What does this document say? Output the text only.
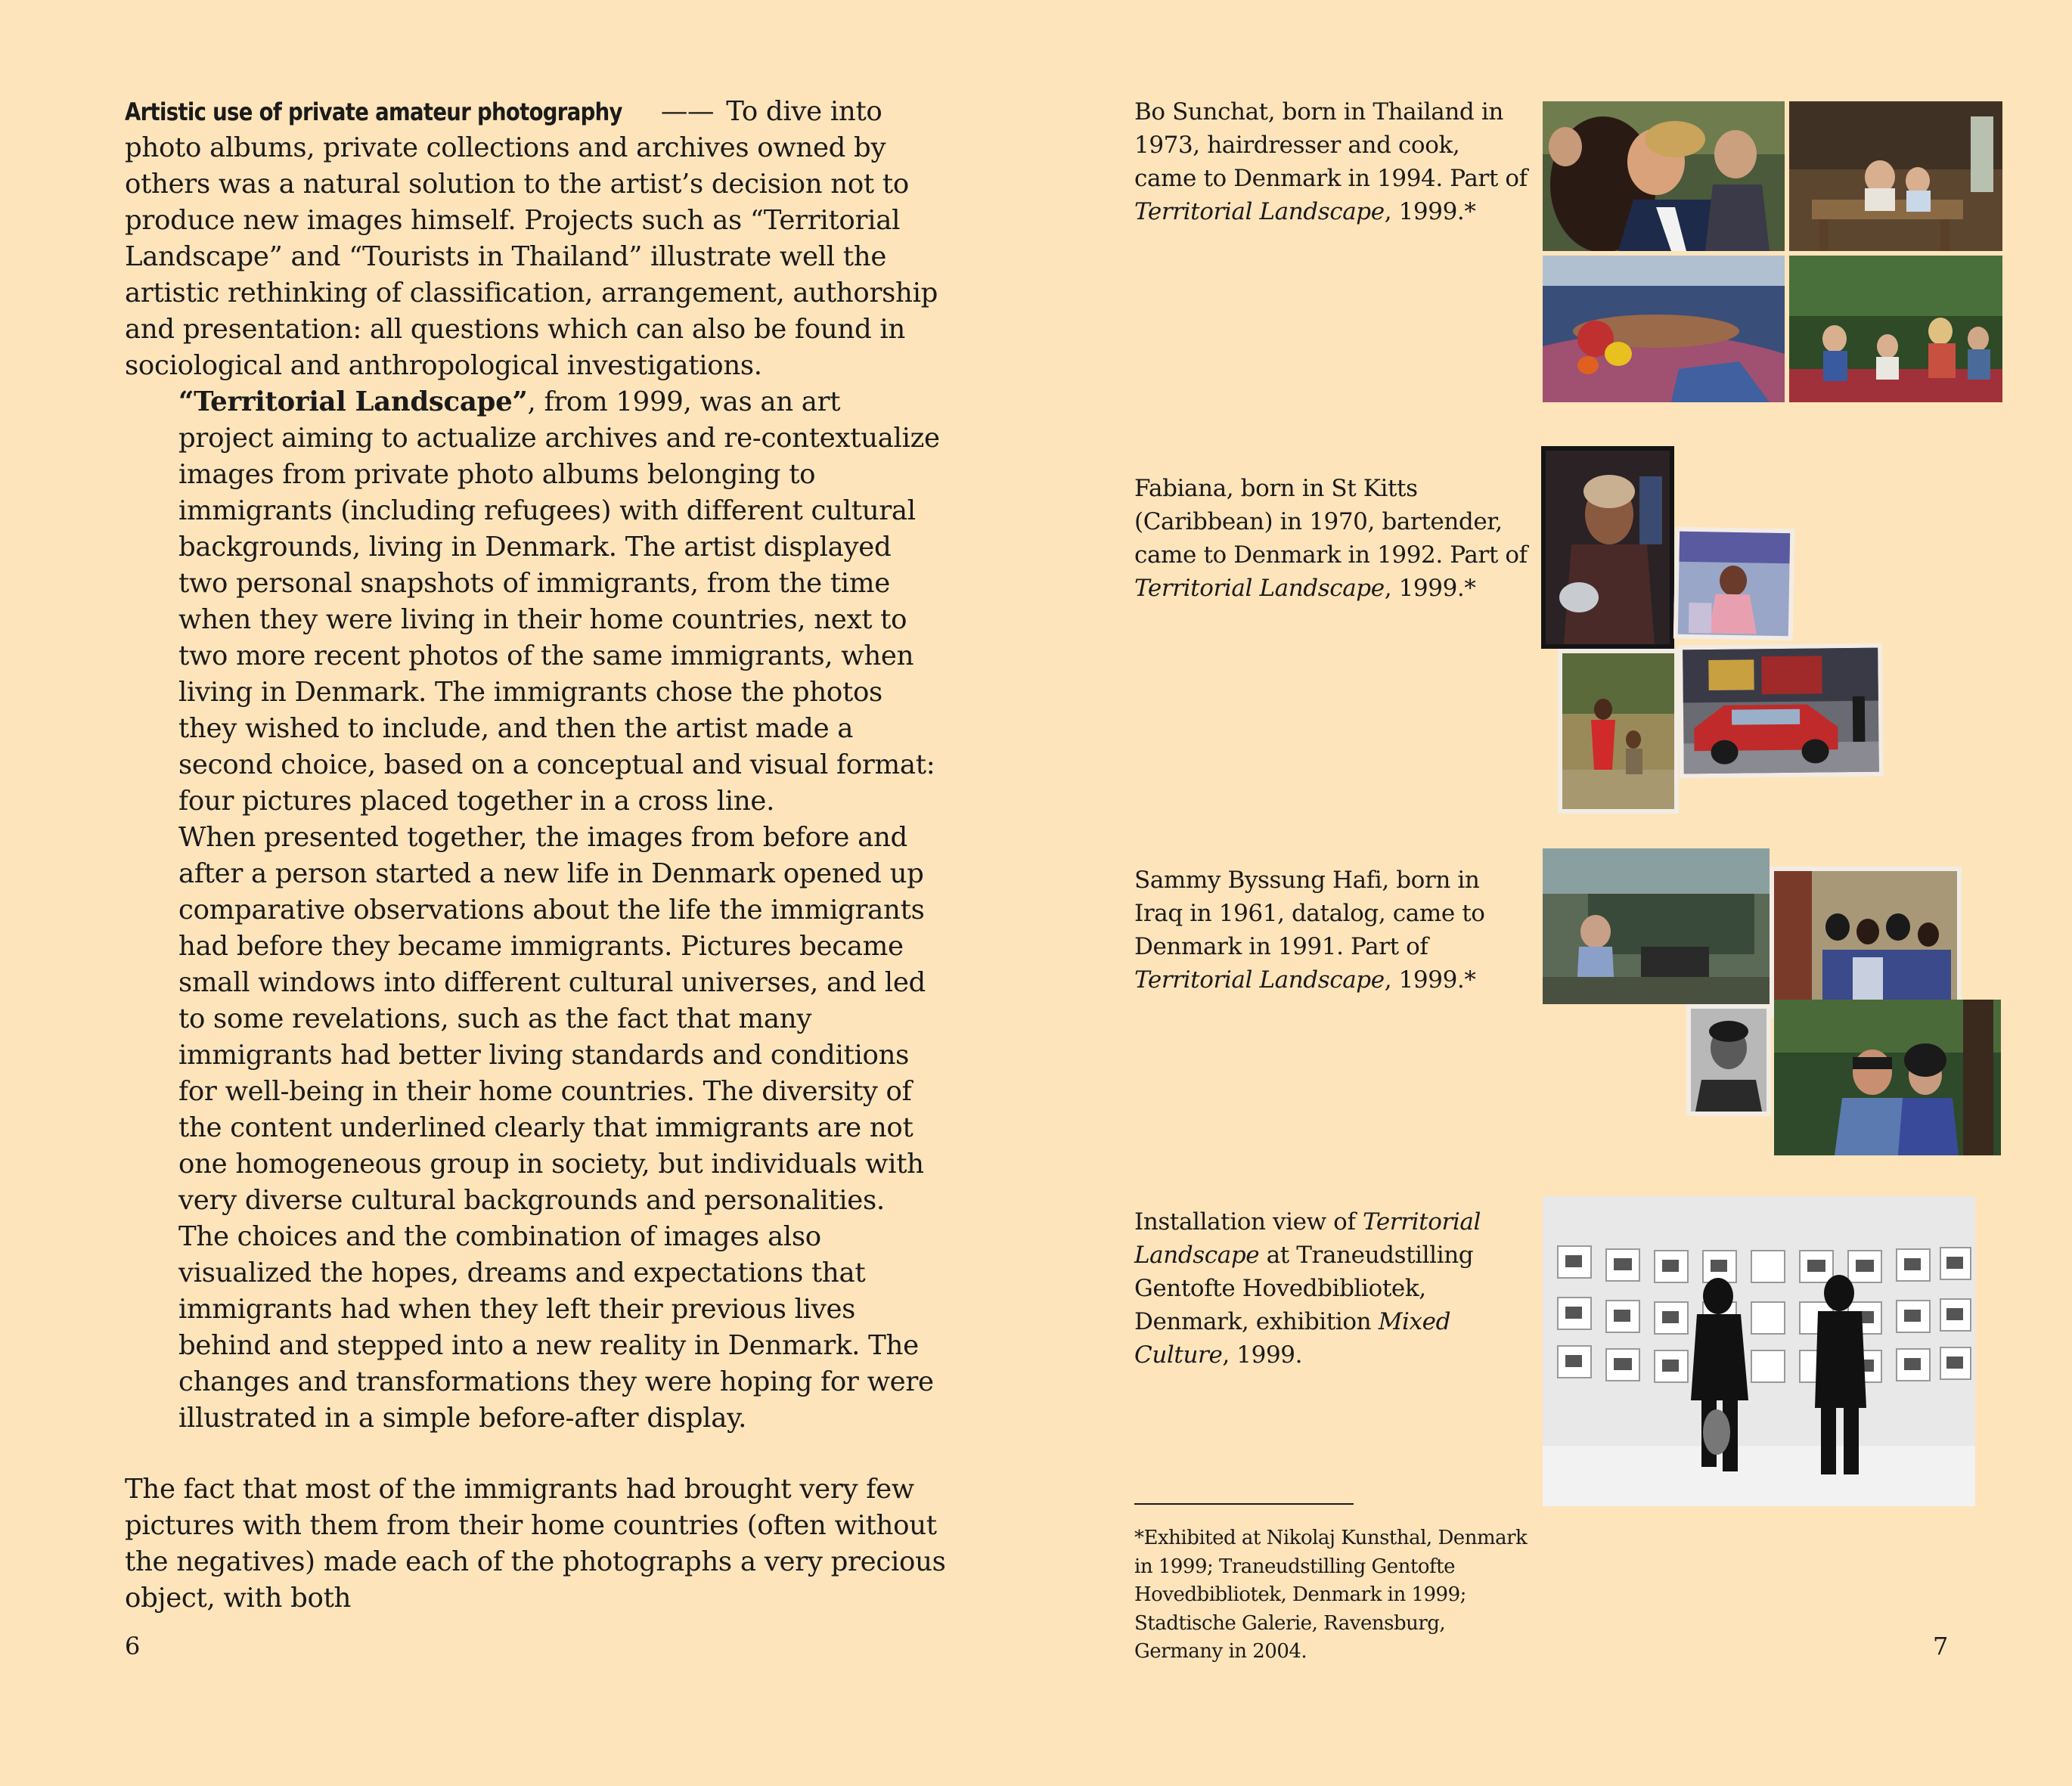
Artistic use of private amateur photography —— To dive into photo albums, private collections and archives owned by others was a natural solution to the artist’s decision not to produce new images himself. Projects such as “Territorial Landscape” and “Tourists in Thailand” illustrate well the artistic rethinking of classification, arrangement, authorship and presentation: all questions which can also be found in sociological and anthropological investigations.

“Territorial Landscape”, from 1999, was an art project aiming to actualize archives and re-contextualize images from private photo albums belonging to immigrants (including refugees) with different cultural backgrounds, living in Denmark. The artist displayed two personal snapshots of immigrants, from the time when they were living in their home countries, next to two more recent photos of the same immigrants, when living in Denmark. The immigrants chose the photos they wished to include, and then the artist made a second choice, based on a conceptual and visual format: four pictures placed together in a cross line.

When presented together, the images from before and after a person started a new life in Denmark opened up comparative observations about the life the immigrants had before they became immigrants. Pictures became small windows into different cultural universes, and led to some revelations, such as the fact that many immigrants had better living standards and conditions for well-being in their home countries. The diversity of the content underlined clearly that immigrants are not one homogeneous group in society, but individuals with very diverse cultural backgrounds and personalities.

The choices and the combination of images also visualized the hopes, dreams and expectations that immigrants had when they left their previous lives behind and stepped into a new reality in Denmark. The changes and transformations they were hoping for were illustrated in a simple before-after display.

The fact that most of the immigrants had brought very few pictures with them from their home countries (often without the negatives) made each of the photographs a very precious object, with both

6

Bo Sunchat, born in Thailand in 1973, hairdresser and cook, came to Denmark in 1994. Part of Territorial Landscape, 1999.*

Fabiana, born in St Kitts (Caribbean) in 1970, bartender, came to Denmark in 1992. Part of Territorial Landscape, 1999.*

Sammy Byssung Hafi, born in Iraq in 1961, datalog, came to Denmark in 1991. Part of Territorial Landscape, 1999.*

Installation view of Territorial Landscape at Traneudstilling Gentofte Hovedbibliotek, Denmark, exhibition Mixed Culture, 1999.

*Exhibited at Nikolaj Kunsthal, Denmark in 1999; Traneudstilling Gentofte Hovedbibliotek, Denmark in 1999; Stadtische Galerie, Ravensburg, Germany in 2004.	7
